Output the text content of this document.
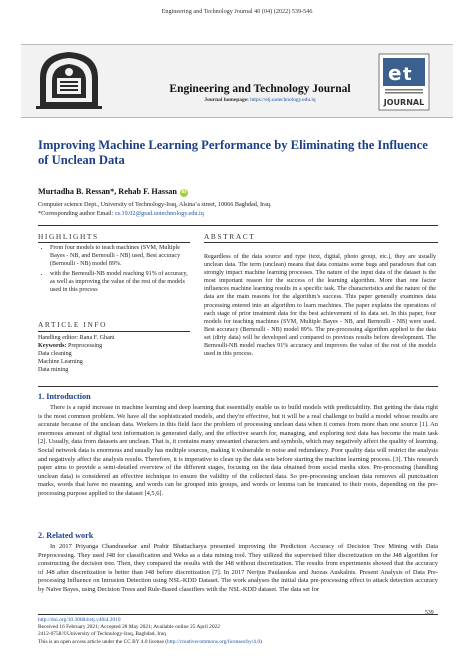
Engineering and Technology Journal 40 (04) (2022) 539-546
Engineering and Technology Journal
Journal homepage: https://etj.uotechnology.edu.iq
e t
JOURNAL
Improving Machine Learning Performance by Eliminating the Influence of Unclean Data
Murtadha B. Ressan*, Rehab F. Hassan iD
Computer science Dept., University of Technology-Iraq, Alsina’a street, 10066 Baghdad, Iraq.
*Corresponding author Email: cs.19.02@grad.uotechnology.edu.iq
HIGHLIGHTS
• From four models to teach machines (SVM, Multiple Bayes - NB, and Bernoulli - NB) used, Best accuracy (Bernoulli - NB) model 89%.
• with the Bernoulli-NB model reaching 91% of accuracy, as well as improving the value of the rest of the models used in this process
ARTICLE INFO
Handling editor: Rana F. Ghani
Keywords: Preprocessing
Data cleaning
Machine Learning
Data mining
ABSTRACT
Regardless of the data source and type (text, digital, photo group, etc.), they are usually unclean data. The term (unclean) means that data contains some bugs and paradoxes that can strongly impact machine learning processes. The nature of the input data of the dataset is the most important reason for the success of the learning algorithm. More than one factor influences machine learning results in a specific task. The characteristics and the nature of the data are the main reasons for the algorithm’s success. This paper generally examines data processing entered into an algorithm to learn machines. The paper explains the operations of each stage of prior treatment data for the best achievement of its data set. In this paper, four models for teaching machines (SVM, Multiple Bayes - NB, and Bernoulli - NB) were used. Best accuracy (Bernoulli - NB) model 89%. The pre-processing algorithm applied to the data set (dirty data) will be developed and compared to previous results before development. The Bernoulli-NB model reaches 91% accuracy and improves the value of the rest of the models used in this process.
1. Introduction
There is a rapid increase in machine learning and deep learning that essentially enable us to build models with predictability. But getting the data right is the most common problem. We have all the sophisticated models, and they're effective, but it will be a real challenge to build a model whose results are accurate because of the unclean data. Workers in this field face the problem of processing unclean data when it comes from more than one source [1]. An enormous amount of digital text information is generated daily, and the effective search for, managing, and exploring text data has become the main task [2]. Usually, data from datasets are unclean. That is, it contains many unwanted characters and symbols, which may negatively affect the quality of learning. Social network data is enormous and usually has multiple sources, making it vulnerable to noise and redundancy. Poor quality data will restrict the analysis and negatively affect the analysis results. Therefore, it is imperative to clean up the data sets before starting the machine learning process. [3]. This research paper aims to provide a semi-detailed overview of the different stages, focusing on the data obtained from social media sites. Pre-processing (handling unclean data) is considered an effective technique to ensure the validity of the collected data. So pre-processing unclean data removes all punctuation marks, words that have no meaning, and words can be grouped into groups, and words or lemma can be truncated to their roots, depending on the pre-processing purpose applied to the dataset [4,5,6].
2. Related work
In 2017 Priyanga Chandrasekar and Prabir Bhattacharya presented improving the Prediction Accuracy of Decision Tree Mining with Data Preprocessing. They used J48 for classification and Weka as a data mining tool. They utilized the supervised filter discretization on the J48 algorithm for constructing the decision tree. Then, they compared the results with the J48 without discretization. The results from experiments showed that the accuracy of J48 after discretization is better than J48 before discretization [7]. In 2017 Nerijus Paulauskas and Juozas Auskalnis. Present Analysis of Data Pre-processing Influence on Intrusion Detection using NSL-KDD Dataset. The work analyses the initial data pre-processing effect to attack detection accuracy by Naïve Bayes, using Decision Trees and Rule-Based classifiers with the NSL-KDD dataset. The data set for
539
http://doi.org/10.30684/etj.v40i4.2010
Received 16 February 2021; Accepted 28 May 2021; Available online 25 April 2022
2412-0758/©University of Technology-Iraq, Baghdad, Iraq
This is an open access article under the CC BY 4.0 license (http://creativecommons.org/licenses/by/4.0)
